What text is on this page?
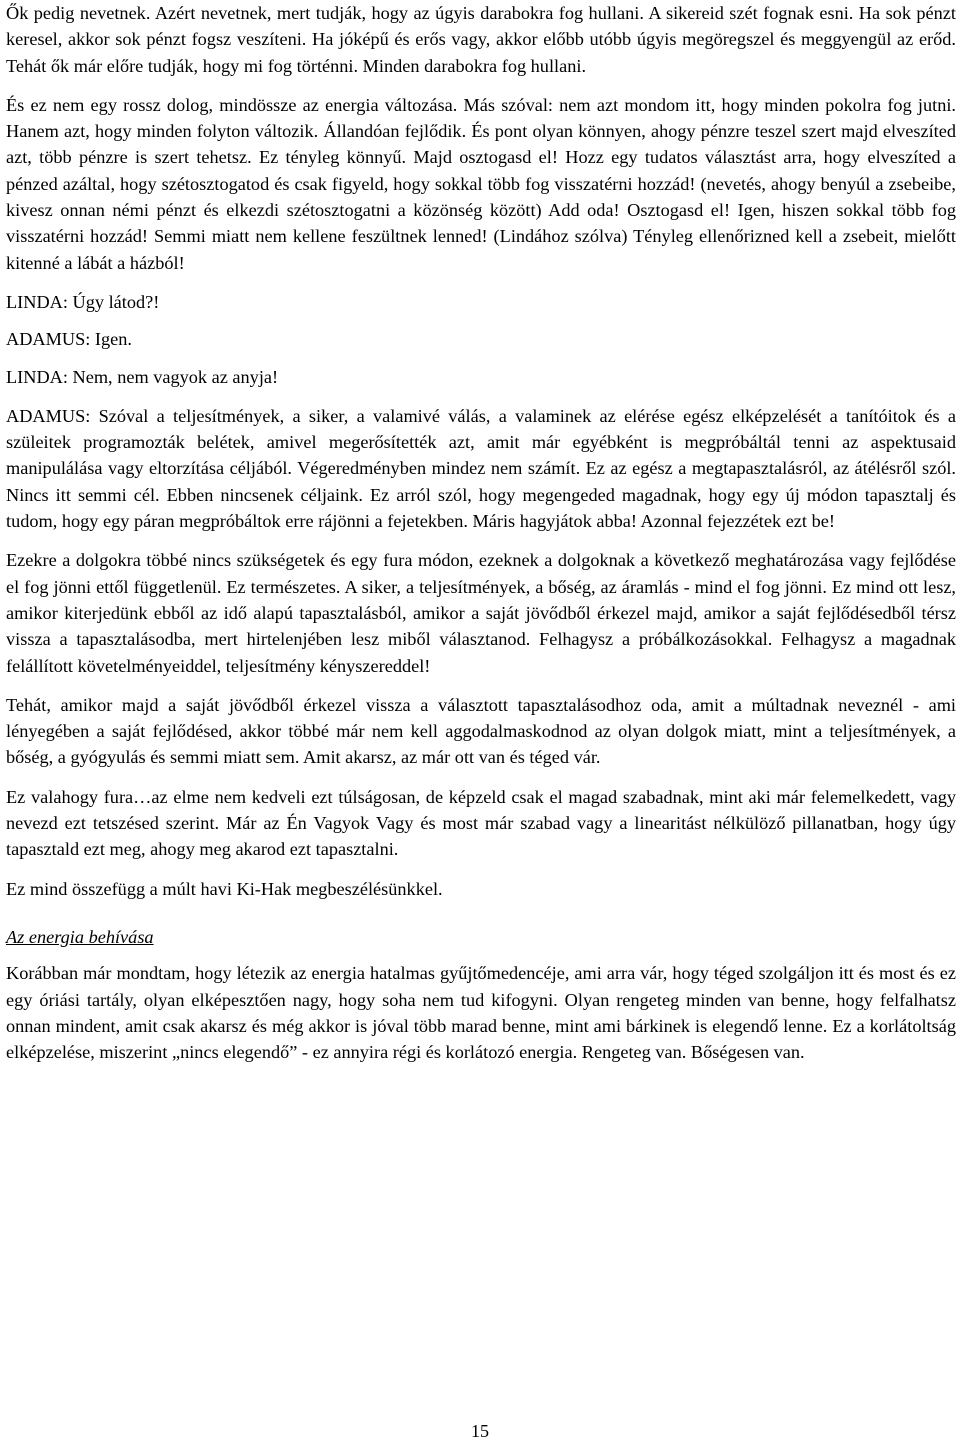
Ők pedig nevetnek. Azért nevetnek, mert tudják, hogy az úgyis darabokra fog hullani. A sikereid szét fognak esni. Ha sok pénzt keresel, akkor sok pénzt fogsz veszíteni. Ha jóképű és erős vagy, akkor előbb utóbb úgyis megöregszel és meggyengül az erőd. Tehát ők már előre tudják, hogy mi fog történni. Minden darabokra fog hullani.

És ez nem egy rossz dolog, mindössze az energia változása. Más szóval: nem azt mondom itt, hogy minden pokolra fog jutni. Hanem azt, hogy minden folyton változik. Állandóan fejlődik. És pont olyan könnyen, ahogy pénzre teszel szert majd elveszíted azt, több pénzre is szert tehetsz. Ez tényleg könnyű. Majd osztogasd el! Hozz egy tudatos választást arra, hogy elveszíted a pénzed azáltal, hogy szétosztogatod és csak figyeld, hogy sokkal több fog visszatérni hozzád! (nevetés, ahogy benyúl a zsebeibe, kivesz onnan némi pénzt és elkezdi szétosztogatni a közönség között) Add oda! Osztogasd el! Igen, hiszen sokkal több fog visszatérni hozzád! Semmi miatt nem kellene feszültnek lenned! (Lindához szólva) Tényleg ellenőrizned kell a zsebeit, mielőtt kitenné a lábát a házból!

LINDA: Úgy látod?!

ADAMUS: Igen.

LINDA: Nem, nem vagyok az anyja!

ADAMUS: Szóval a teljesítmények, a siker, a valamivé válás, a valaminek az elérése egész elképzelését a tanítóitok és a szüleitek programozták belétek, amivel megerősítették azt, amit már egyébként is megpróbáltál tenni az aspektusaid manipulálása vagy eltorzítása céljából. Végeredményben mindez nem számít. Ez az egész a megtapasztalásról, az átélésről szól. Nincs itt semmi cél. Ebben nincsenek céljaink. Ez arról szól, hogy megengeded magadnak, hogy egy új módon tapasztalj és tudom, hogy egy páran megpróbáltok erre rájönni a fejetekben. Máris hagyjátok abba! Azonnal fejezzétek ezt be!

Ezekre a dolgokra többé nincs szükségetek és egy fura módon, ezeknek a dolgoknak a következő meghatározása vagy fejlődése el fog jönni ettől függetlenül. Ez természetes. A siker, a teljesítmények, a bőség, az áramlás - mind el fog jönni. Ez mind ott lesz, amikor kiterjedünk ebből az idő alapú tapasztalásból, amikor a saját jövődből érkezel majd, amikor a saját fejlődésedből térsz vissza a tapasztalásodba, mert hirtelenjében lesz miből választanod. Felhagysz a próbálkozásokkal. Felhagysz a magadnak felállított követelményeiddel, teljesítmény kényszereddel!

Tehát, amikor majd a saját jövődből érkezel vissza a választott tapasztalásodhoz oda, amit a múltadnak neveznél - ami lényegében a saját fejlődésed, akkor többé már nem kell aggodalmaskodnod az olyan dolgok miatt, mint a teljesítmények, a bőség, a gyógyulás és semmi miatt sem. Amit akarsz, az már ott van és téged vár.

Ez valahogy fura…az elme nem kedveli ezt túlságosan, de képzeld csak el magad szabadnak, mint aki már felemelkedett, vagy nevezd ezt tetszésed szerint. Már az Én Vagyok Vagy és most már szabad vagy a linearitást nélkülöző pillanatban, hogy úgy tapasztald ezt meg, ahogy meg akarod ezt tapasztalni.

Ez mind összefügg a múlt havi Ki-Hak megbeszélésünkkel.

Az energia behívása

Korábban már mondtam, hogy létezik az energia hatalmas gyűjtőmedencéje, ami arra vár, hogy téged szolgáljon itt és most és ez egy óriási tartály, olyan elképesztően nagy, hogy soha nem tud kifogyni. Olyan rengeteg minden van benne, hogy felfalhatsz onnan mindent, amit csak akarsz és még akkor is jóval több marad benne, mint ami bárkinek is elegendő lenne. Ez a korlátoltság elképzelése, miszerint „nincs elegendő” - ez annyira régi és korlátozó energia. Rengeteg van. Bőségesen van.

15
